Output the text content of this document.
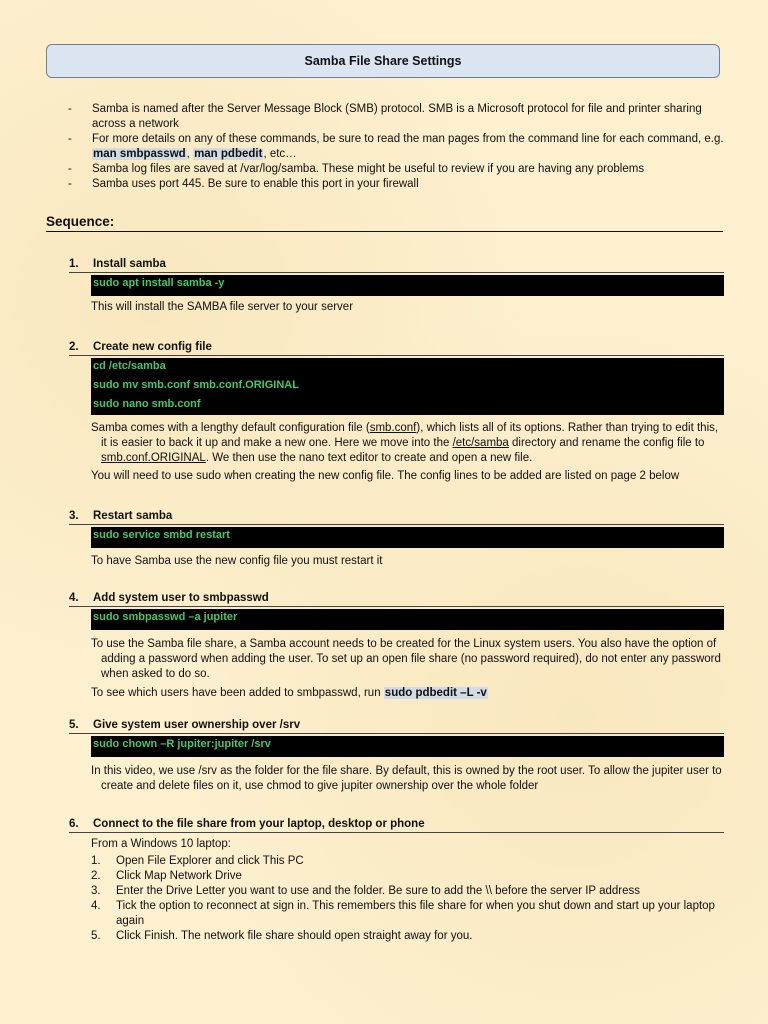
Samba File Share Settings
- Samba is named after the Server Message Block (SMB) protocol. SMB is a Microsoft protocol for file and printer sharing across a network
- For more details on any of these commands, be sure to read the man pages from the command line for each command, e.g. man smbpasswd, man pdbedit, etc…
- Samba log files are saved at /var/log/samba. These might be useful to review if you are having any problems
- Samba uses port 445. Be sure to enable this port in your firewall
Sequence:
1. Install samba
sudo apt install samba -y
This will install the SAMBA file server to your server
2. Create new config file
cd /etc/samba
sudo mv smb.conf smb.conf.ORIGINAL
sudo nano smb.conf
Samba comes with a lengthy default configuration file (smb.conf), which lists all of its options. Rather than trying to edit this, it is easier to back it up and make a new one. Here we move into the /etc/samba directory and rename the config file to smb.conf.ORIGINAL. We then use the nano text editor to create and open a new file.
You will need to use sudo when creating the new config file. The config lines to be added are listed on page 2 below
3. Restart samba
sudo service smbd restart
To have Samba use the new config file you must restart it
4. Add system user to smbpasswd
sudo smbpasswd –a jupiter
To use the Samba file share, a Samba account needs to be created for the Linux system users. You also have the option of adding a password when adding the user. To set up an open file share (no password required), do not enter any password when asked to do so.
To see which users have been added to smbpasswd, run sudo pdbedit –L -v
5. Give system user ownership over /srv
sudo chown –R jupiter:jupiter /srv
In this video, we use /srv as the folder for the file share. By default, this is owned by the root user. To allow the jupiter user to create and delete files on it, use chmod to give jupiter ownership over the whole folder
6. Connect to the file share from your laptop, desktop or phone
From a Windows 10 laptop:
1. Open File Explorer and click This PC
2. Click Map Network Drive
3. Enter the Drive Letter you want to use and the folder. Be sure to add the \\ before the server IP address
4. Tick the option to reconnect at sign in. This remembers this file share for when you shut down and start up your laptop again
5. Click Finish. The network file share should open straight away for you.
